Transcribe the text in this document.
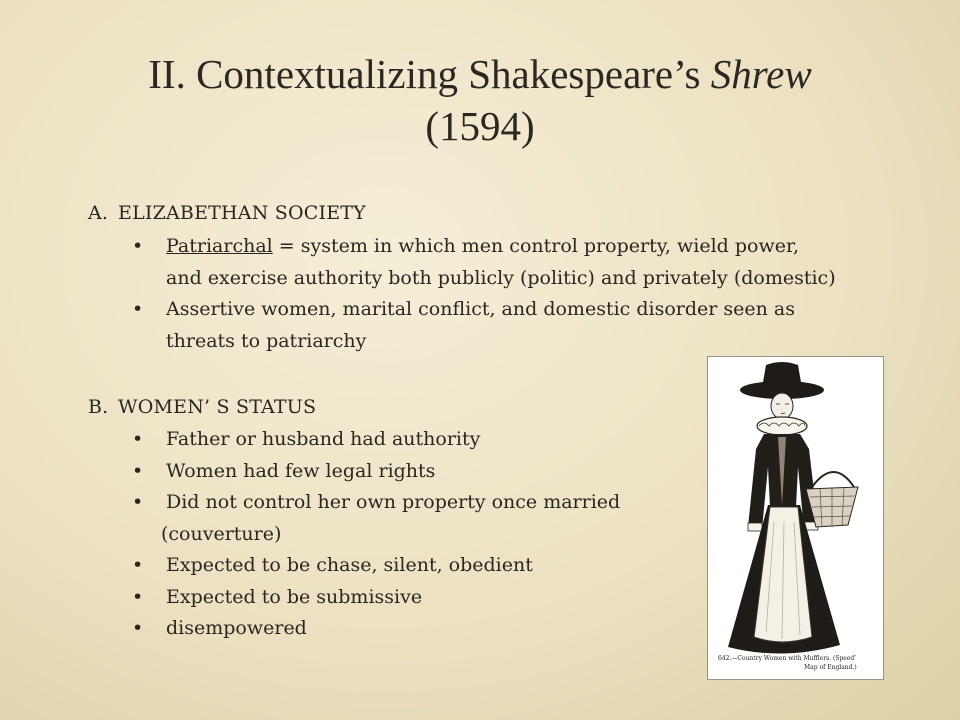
II. Contextualizing Shakespeare’s Shrew
(1594)
A. ELIZABETHAN SOCIETY
• Patriarchal = system in which men control property, wield power,
and exercise authority both publicly (politic) and privately (domestic)
• Assertive women, marital conflict, and domestic disorder seen as
threats to patriarchy
B. WOMEN’ S STATUS
• Father or husband had authority
• Women had few legal rights
• Did not control her own property once married
(couverture)
• Expected to be chase, silent, obedient
• Expected to be submissive
• disempowered
642.—Country Women with Mufflers. (Speed’
Map of England.)
